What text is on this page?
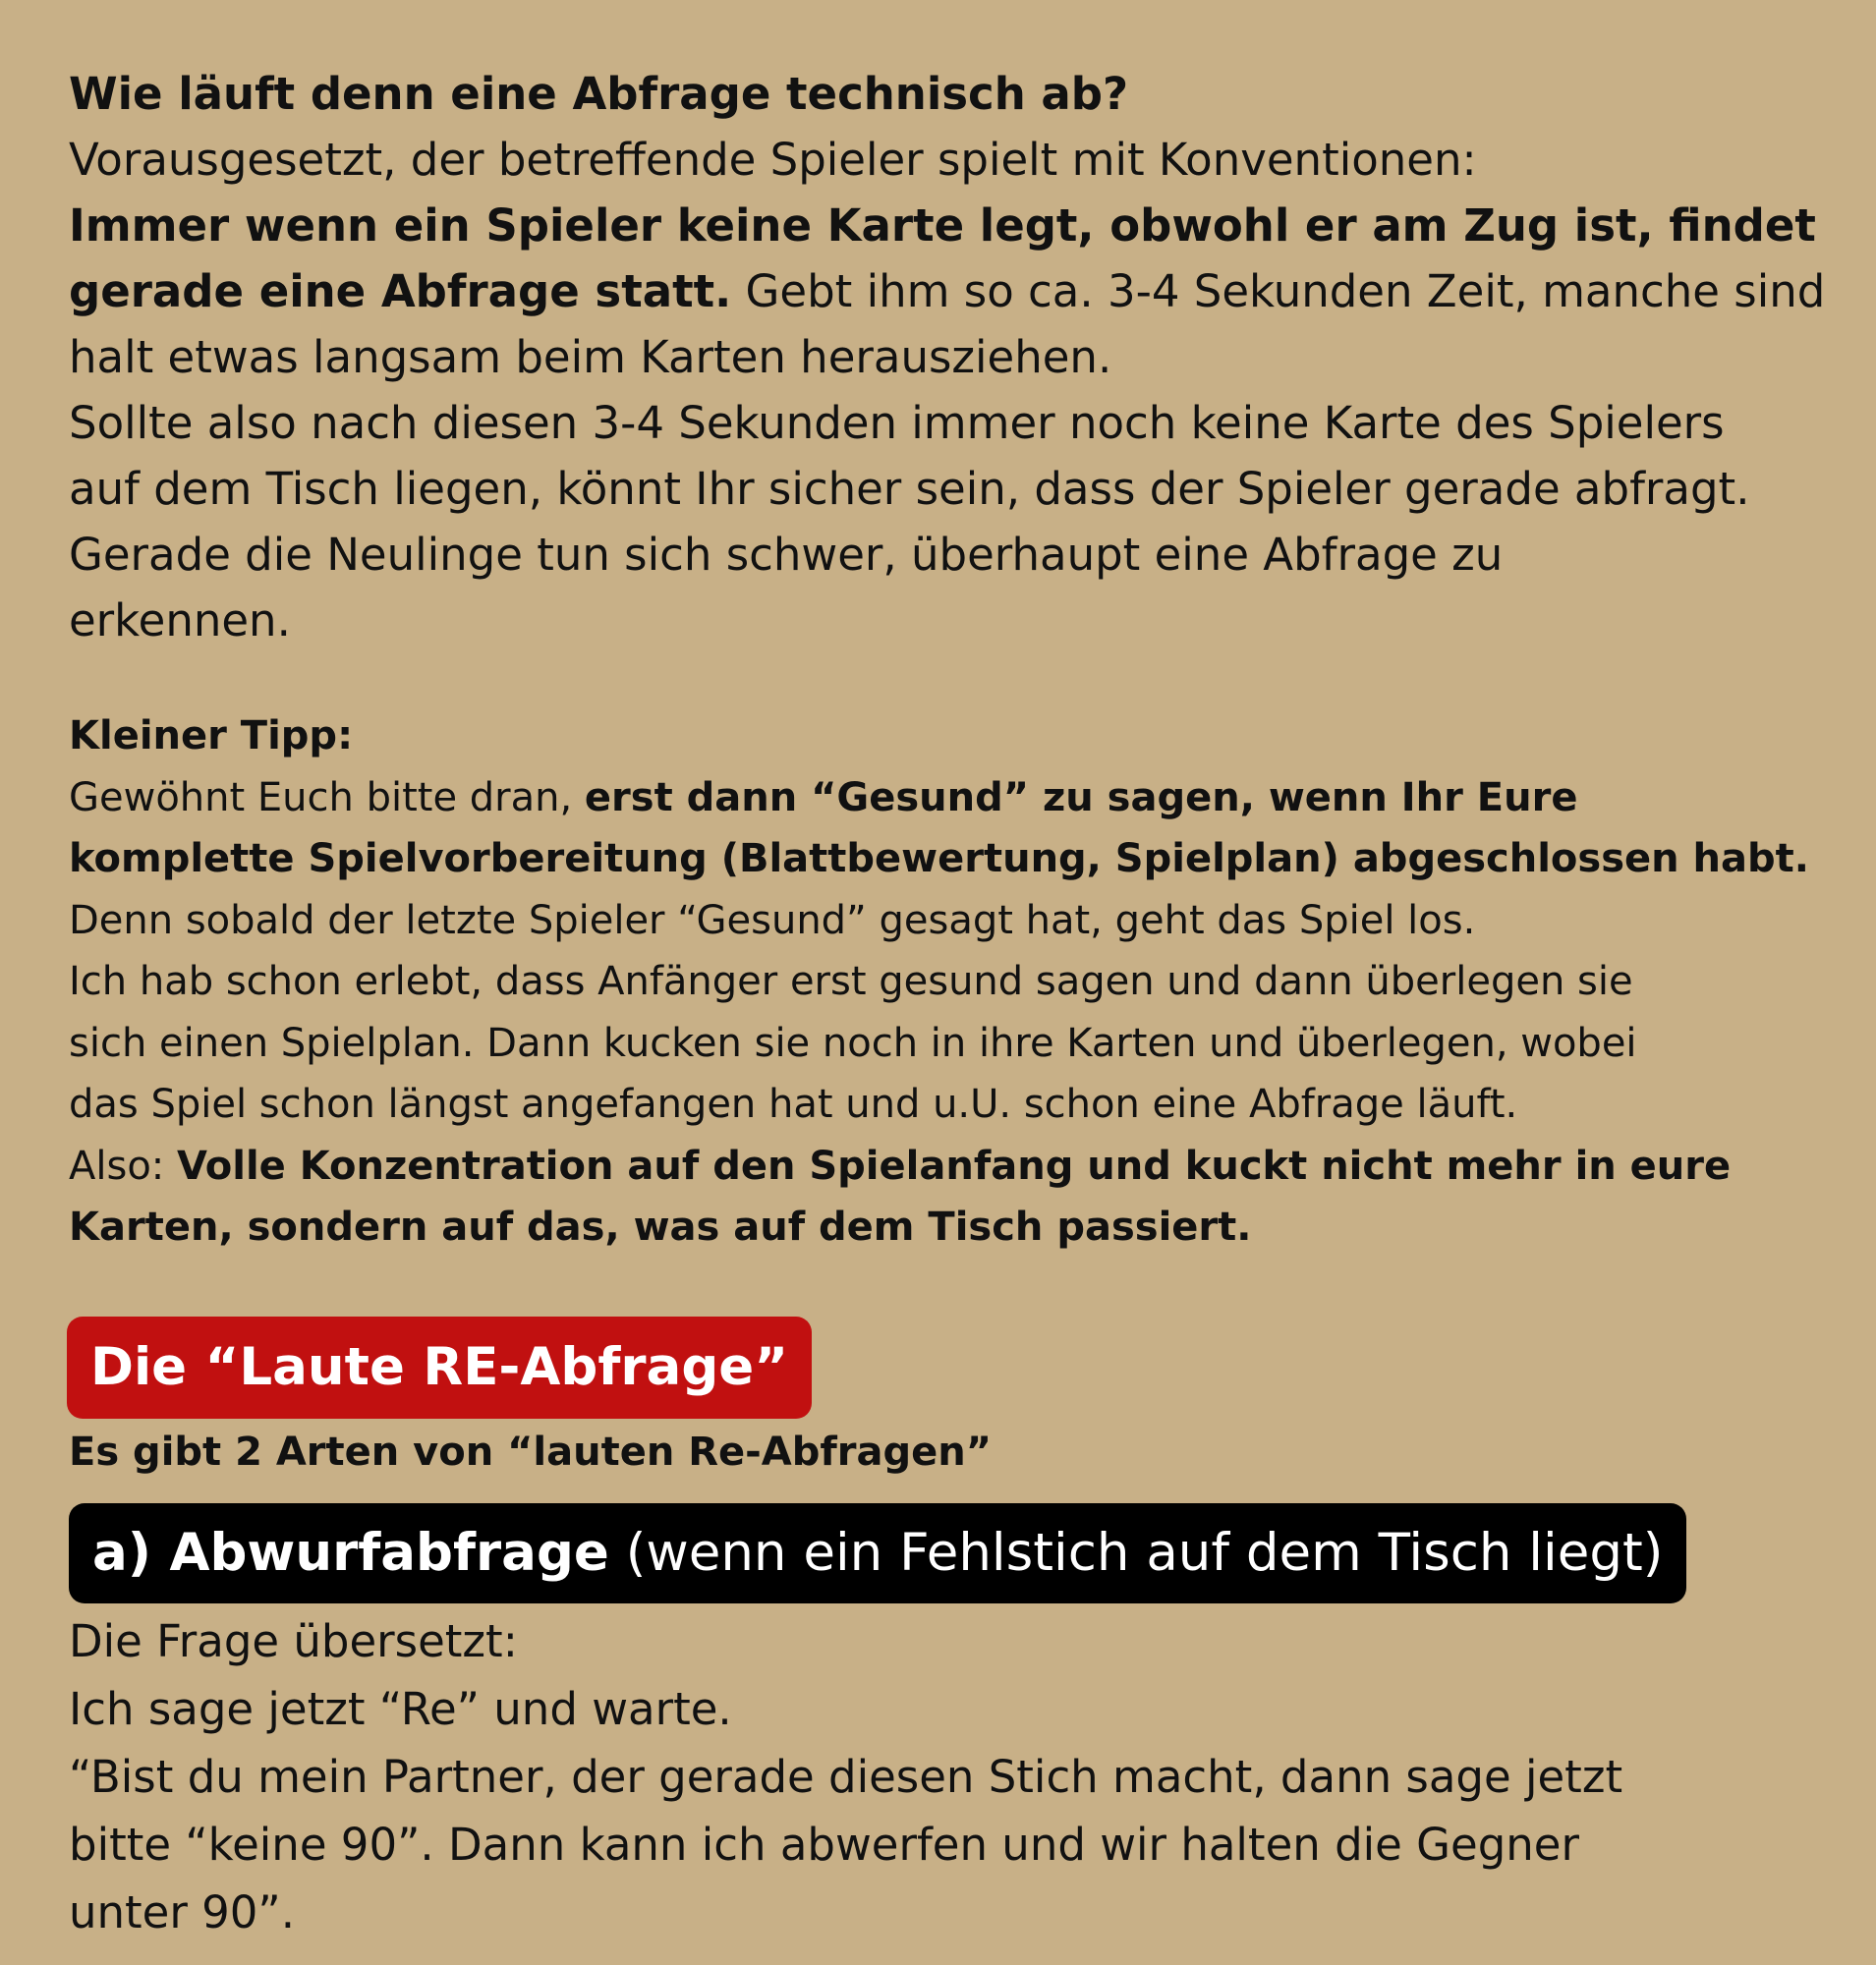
Wie läuft denn eine Abfrage technisch ab?
Vorausgesetzt, der betreffende Spieler spielt mit Konventionen:
Immer wenn ein Spieler keine Karte legt, obwohl er am Zug ist, findet
gerade eine Abfrage statt. Gebt ihm so ca. 3-4 Sekunden Zeit, manche sind
halt etwas langsam beim Karten herausziehen.
Sollte also nach diesen 3-4 Sekunden immer noch keine Karte des Spielers
auf dem Tisch liegen, könnt Ihr sicher sein, dass der Spieler gerade abfragt.
Gerade die Neulinge tun sich schwer, überhaupt eine Abfrage zu
erkennen.
Kleiner Tipp:
Gewöhnt Euch bitte dran, erst dann “Gesund” zu sagen, wenn Ihr Eure
komplette Spielvorbereitung (Blattbewertung, Spielplan) abgeschlossen habt.
Denn sobald der letzte Spieler “Gesund” gesagt hat, geht das Spiel los.
Ich hab schon erlebt, dass Anfänger erst gesund sagen und dann überlegen sie
sich einen Spielplan. Dann kucken sie noch in ihre Karten und überlegen, wobei
das Spiel schon längst angefangen hat und u.U. schon eine Abfrage läuft.
Also: Volle Konzentration auf den Spielanfang und kuckt nicht mehr in eure
Karten, sondern auf das, was auf dem Tisch passiert.
Die “Laute RE-Abfrage”
Es gibt 2 Arten von “lauten Re-Abfragen”
a) Abwurfabfrage (wenn ein Fehlstich auf dem Tisch liegt)
Die Frage übersetzt:
Ich sage jetzt “Re” und warte.
“Bist du mein Partner, der gerade diesen Stich macht, dann sage jetzt
bitte “keine 90”. Dann kann ich abwerfen und wir halten die Gegner
unter 90”.
